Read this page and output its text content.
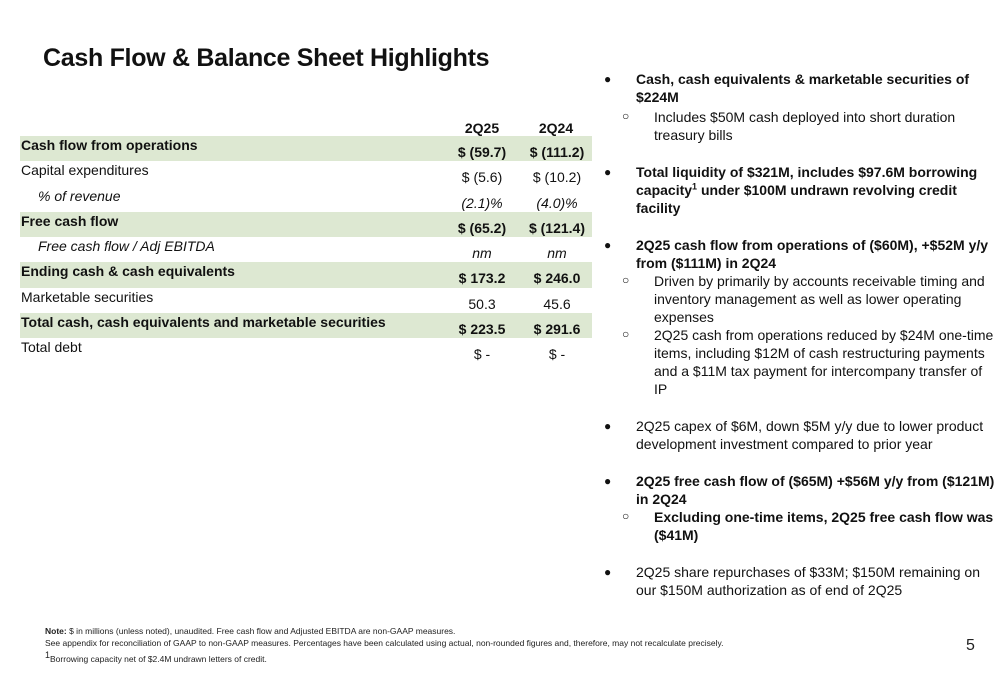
Cash Flow & Balance Sheet Highlights
2Q25	2Q24
Cash flow from operations	$ (59.7)	$ (111.2)
Capital expenditures	$ (5.6)	$ (10.2)
% of revenue	(2.1)%	(4.0)%
Free cash flow	$ (65.2)	$ (121.4)
Free cash flow / Adj EBITDA	nm	nm
Ending cash & cash equivalents	$ 173.2	$ 246.0
Marketable securities	50.3	45.6
Total cash, cash equivalents and marketable securities	$ 223.5	$ 291.6
Total debt	$ -	$ -
● Cash, cash equivalents & marketable securities of $224M
○ Includes $50M cash deployed into short duration treasury bills
● Total liquidity of $321M, includes $97.6M borrowing capacity$^1$ under $100M undrawn revolving credit facility
● 2Q25 cash flow from operations of ($60M), +$52M y/y from ($111M) in 2Q24
○ Driven by primarily by accounts receivable timing and inventory management as well as lower operating expenses
○ 2Q25 cash from operations reduced by $24M one-time items, including $12M of cash restructuring payments and a $11M tax payment for intercompany transfer of IP
● 2Q25 capex of $6M, down $5M y/y due to lower product development investment compared to prior year
● 2Q25 free cash flow of ($65M) +$56M y/y from ($121M) in 2Q24
○ Excluding one-time items, 2Q25 free cash flow was ($41M)
● 2Q25 share repurchases of $33M; $150M remaining on our $150M authorization as of end of 2Q25
Note: $ in millions (unless noted), unaudited. Free cash flow and Adjusted EBITDA are non-GAAP measures.
See appendix for reconciliation of GAAP to non-GAAP measures. Percentages have been calculated using actual, non-rounded figures and, therefore, may not recalculate precisely.
$^1$Borrowing capacity net of $2.4M undrawn letters of credit.
5
